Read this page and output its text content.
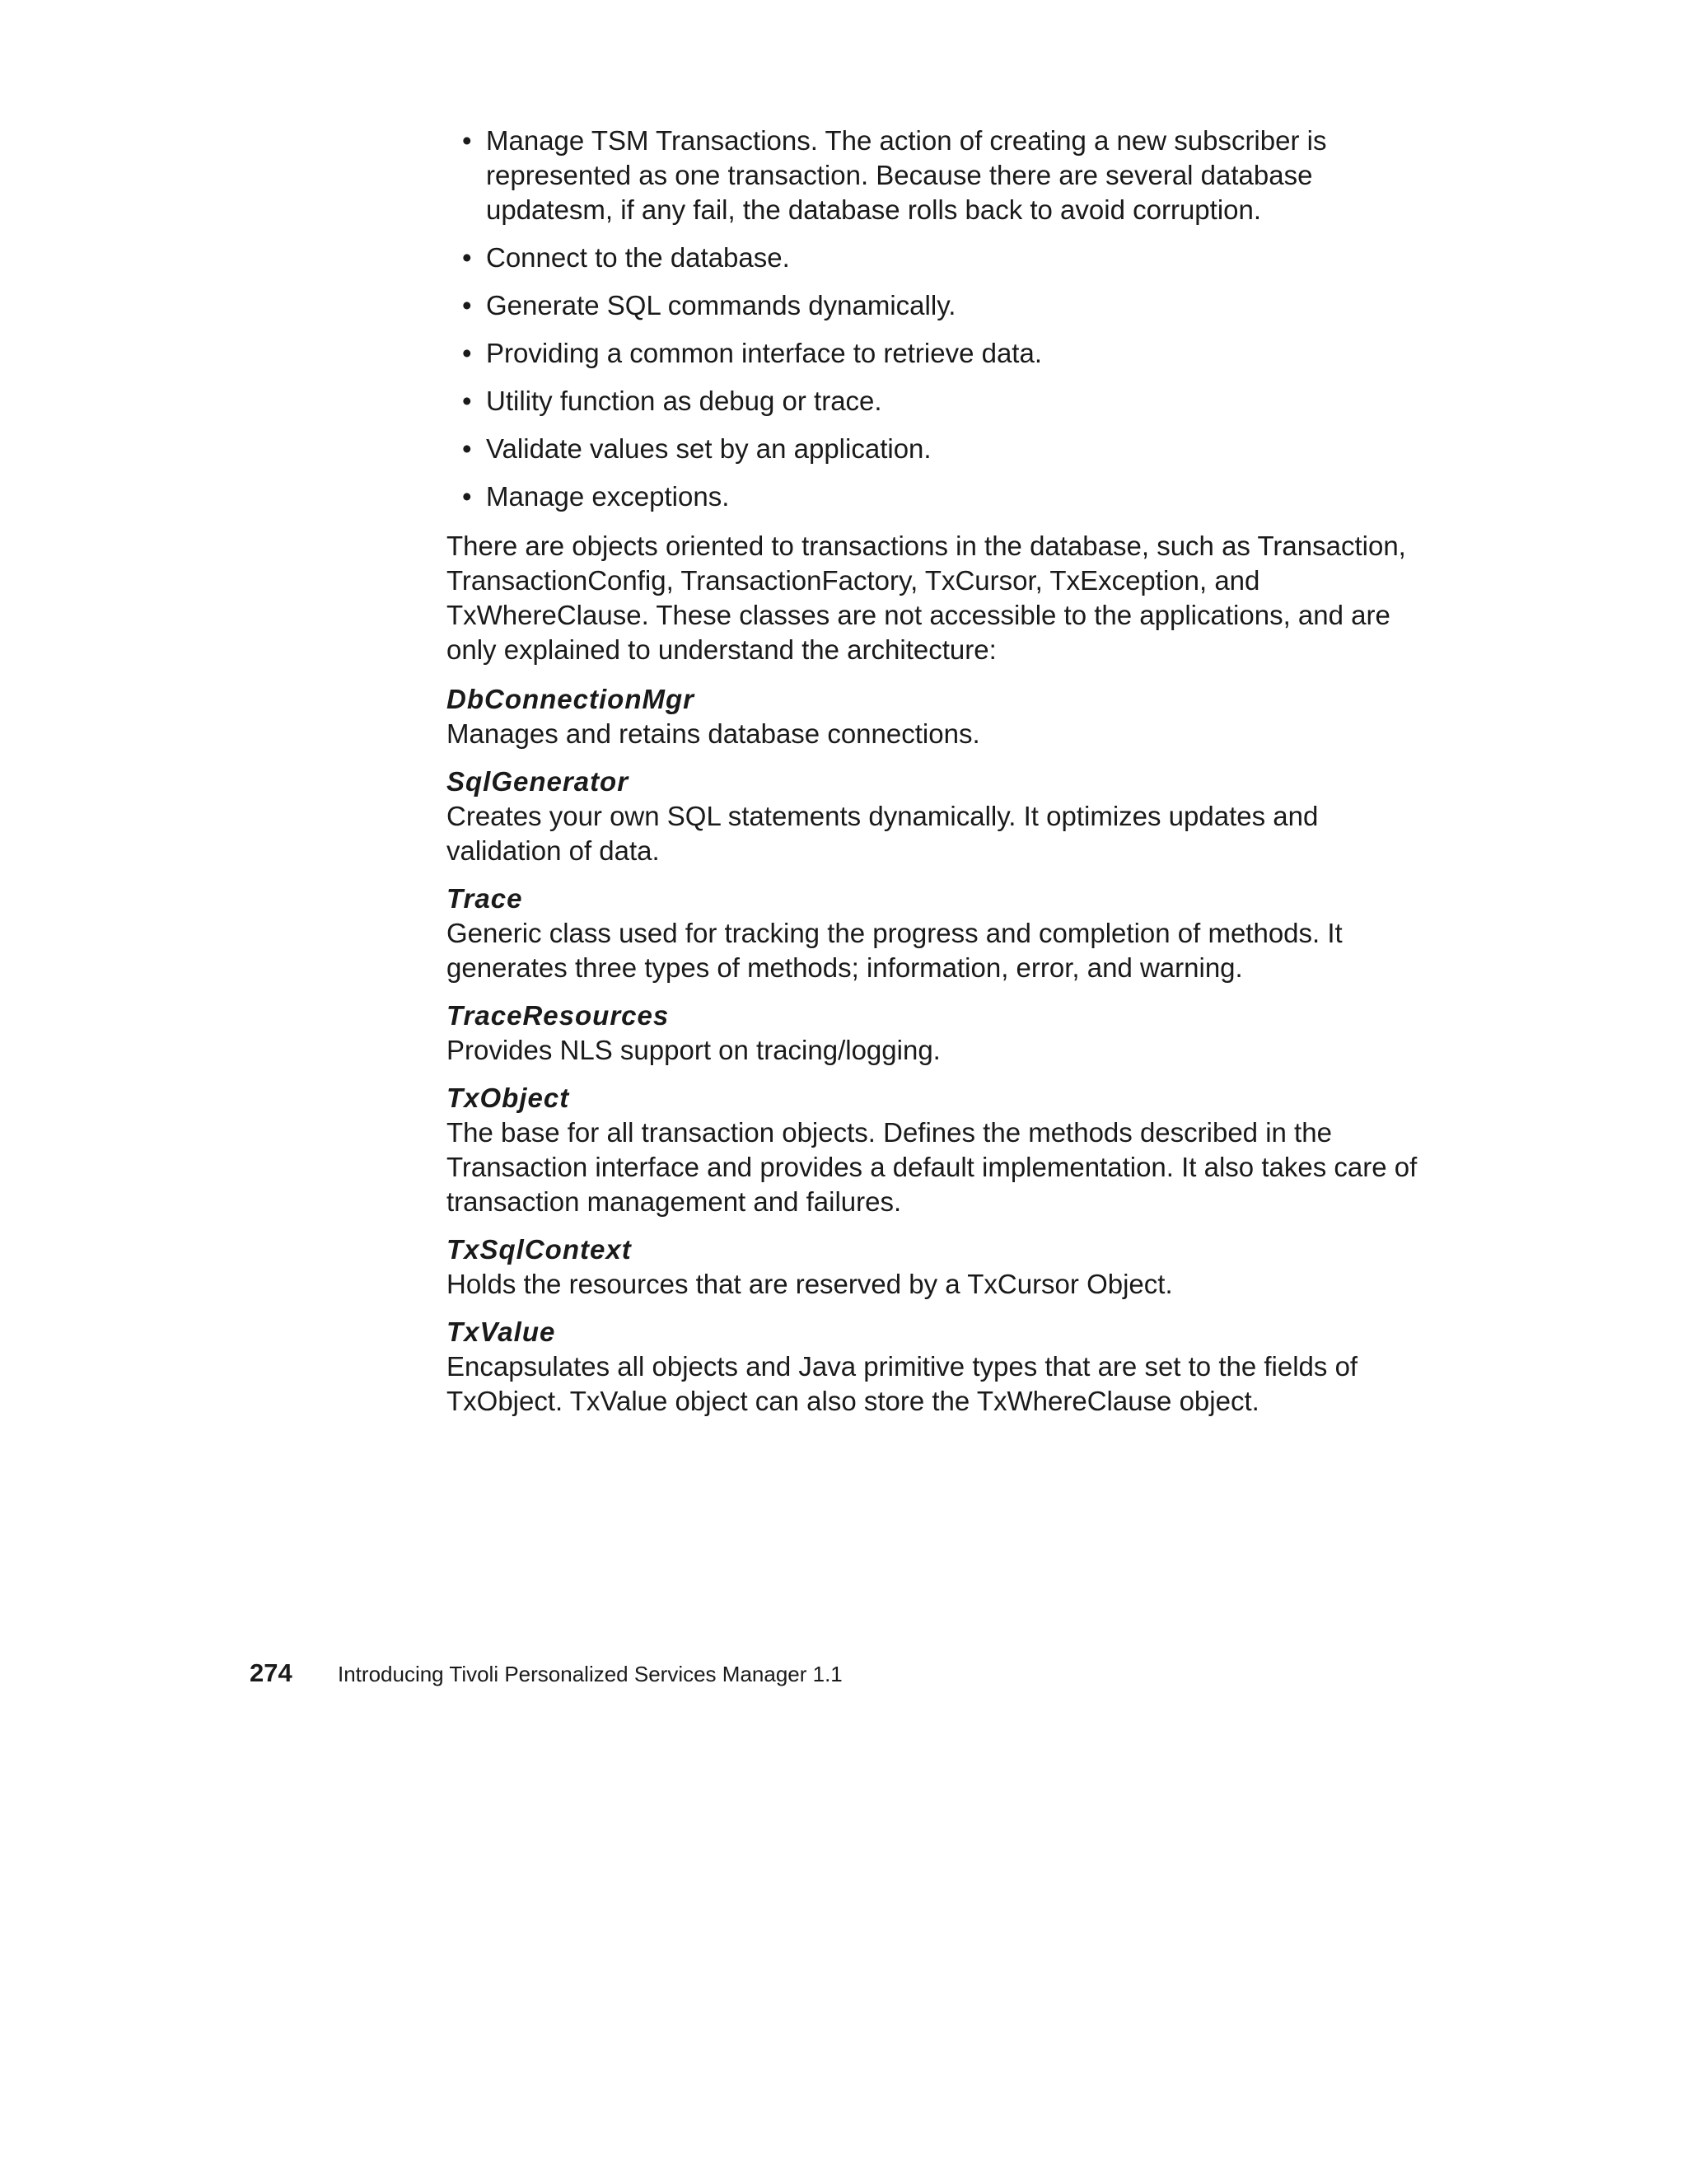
• Manage TSM Transactions. The action of creating a new subscriber is represented as one transaction. Because there are several database updatesm, if any fail, the database rolls back to avoid corruption.
• Connect to the database.
• Generate SQL commands dynamically.
• Providing a common interface to retrieve data.
• Utility function as debug or trace.
• Validate values set by an application.
• Manage exceptions.

There are objects oriented to transactions in the database, such as Transaction, TransactionConfig, TransactionFactory, TxCursor, TxException, and TxWhereClause. These classes are not accessible to the applications, and are only explained to understand the architecture:

DbConnectionMgr
Manages and retains database connections.
SqlGenerator
Creates your own SQL statements dynamically. It optimizes updates and validation of data.
Trace
Generic class used for tracking the progress and completion of methods. It generates three types of methods; information, error, and warning.
TraceResources
Provides NLS support on tracing/logging.
TxObject
The base for all transaction objects. Defines the methods described in the Transaction interface and provides a default implementation. It also takes care of transaction management and failures.
TxSqlContext
Holds the resources that are reserved by a TxCursor Object.
TxValue
Encapsulates all objects and Java primitive types that are set to the fields of TxObject. TxValue object can also store the TxWhereClause object.
274 Introducing Tivoli Personalized Services Manager 1.1
